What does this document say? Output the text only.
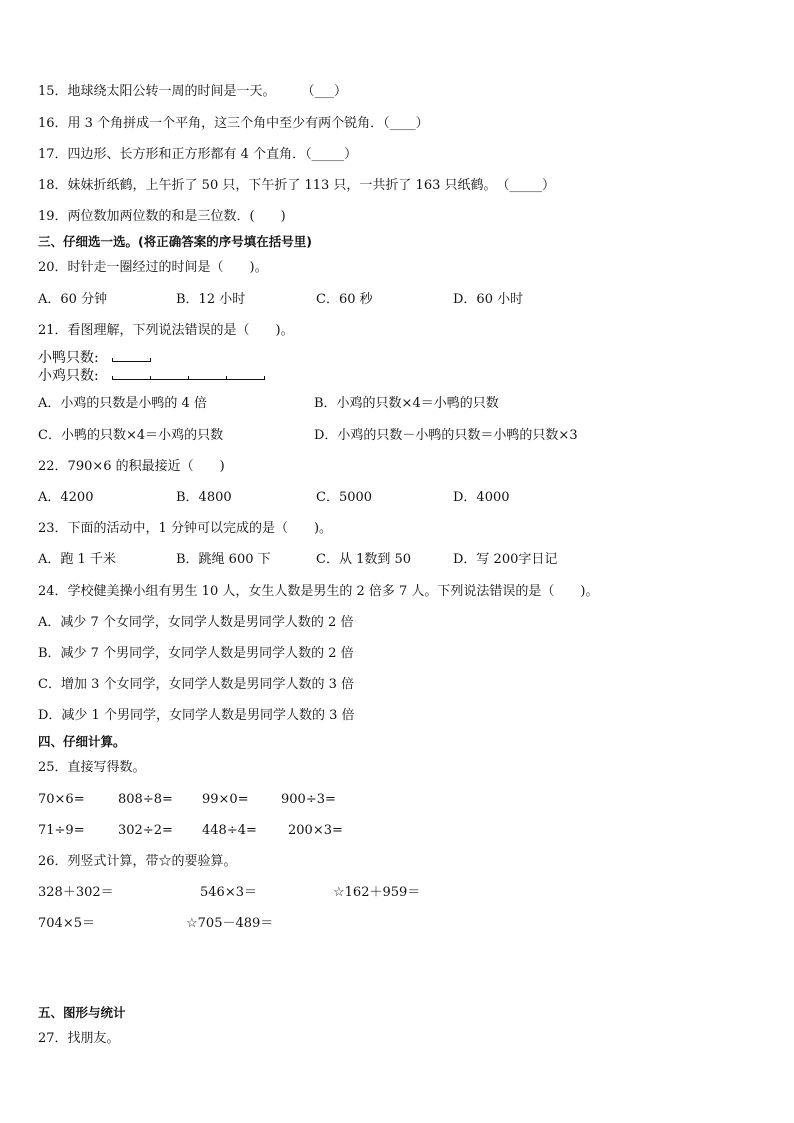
15．地球绕太阳公转一周的时间是一天。　　　（___）
16．用 3 个角拼成一个平角，这三个角中至少有两个锐角．（____）
17．四边形、长方形和正方形都有 4 个直角．（_____）
18．妹妹折纸鹤，上午折了 50 只，下午折了 113 只，一共折了 163 只纸鹤。　（_____）
19．两位数加两位数的和是三位数．(　　)
三、仔细选一选。(将正确答案的序号填在括号里)
20．时针走一圈经过的时间是（　　)。
A．60 分钟	B．12 小时	C．60 秒	D．60 小时
21．看图理解，下列说法错误的是（　　)。
小鸭只数:
小鸡只数:
A．小鸡的只数是小鸭的 4 倍	B．小鸡的只数×4＝小鸭的只数
C．小鸭的只数×4＝小鸡的只数	D．小鸡的只数－小鸭的只数＝小鸭的只数×3
22．790×6 的积最接近（　　)
A．4200	B．4800	C．5000	D．4000
23．下面的活动中，1 分钟可以完成的是（　　)。
A．跑 1 千米	B．跳绳 600 下	C．从 1数到 50	D．写 200字日记
24．学校健美操小组有男生 10 人，女生人数是男生的 2 倍多 7 人。下列说法错误的是（　　)。
A．减少 7 个女同学，女同学人数是男同学人数的 2 倍
B．减少 7 个男同学，女同学人数是男同学人数的 2 倍
C．增加 3 个女同学，女同学人数是男同学人数的 3 倍
D．减少 1 个男同学，女同学人数是男同学人数的 3 倍
四、仔细计算。
25．直接写得数。
70×6=	808÷8= 99×0= 900÷3=
71÷9=	302÷2= 448÷4= 200×3=
26．列竖式计算，带☆的要验算。
328＋302＝	546×3＝	☆162＋959＝
704×5＝	☆705－489＝
五、图形与统计
27．找朋友。
